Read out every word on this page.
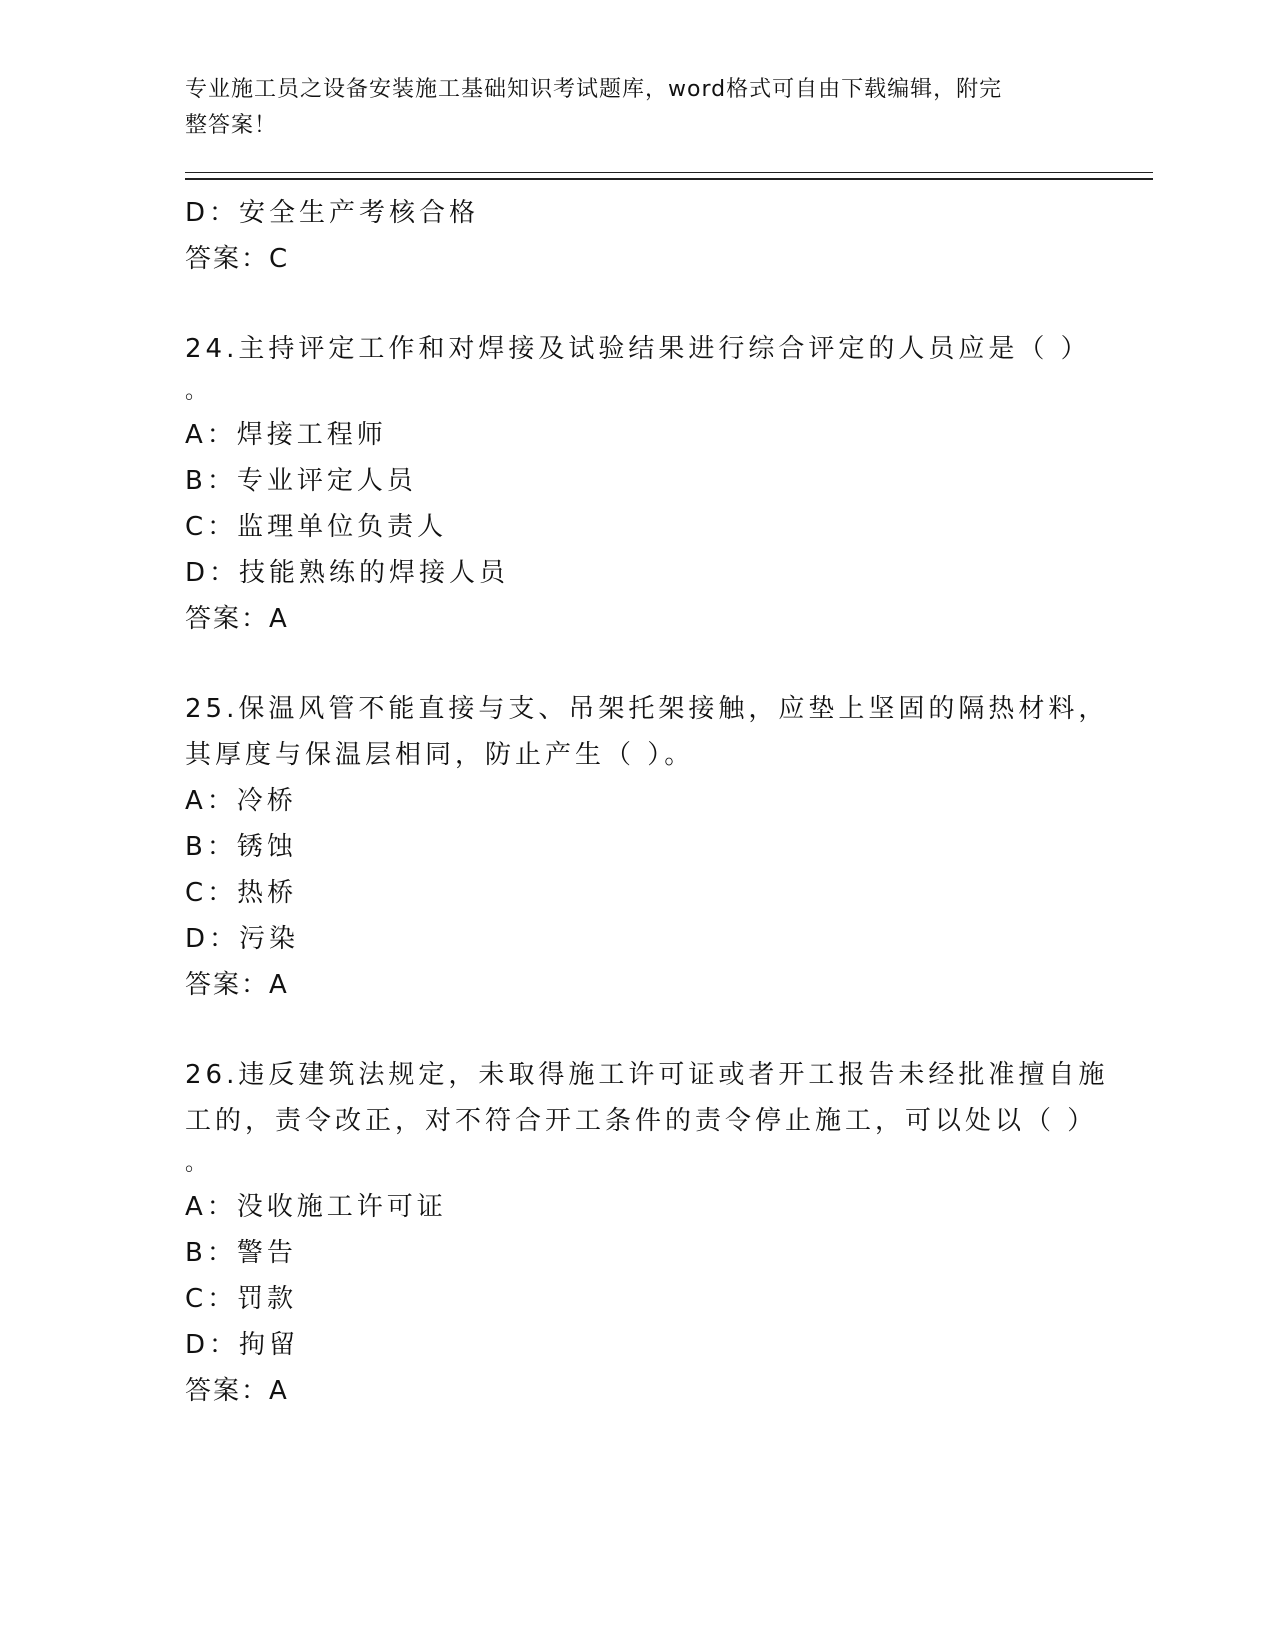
专业施工员之设备安装施工基础知识考试题库，word格式可自由下载编辑，附完
整答案！
D：安全生产考核合格
答案：C
24.主持评定工作和对焊接及试验结果进行综合评定的人员应是（ ）
。
A：焊接工程师
B：专业评定人员
C：监理单位负责人
D：技能熟练的焊接人员
答案：A
25.保温风管不能直接与支、吊架托架接触，应垫上坚固的隔热材料，
其厚度与保温层相同，防止产生（ ）。
A：冷桥
B：锈蚀
C：热桥
D：污染
答案：A
26.违反建筑法规定，未取得施工许可证或者开工报告未经批准擅自施
工的，责令改正，对不符合开工条件的责令停止施工，可以处以（ ）
。
A：没收施工许可证
B：警告
C：罚款
D：拘留
答案：A
